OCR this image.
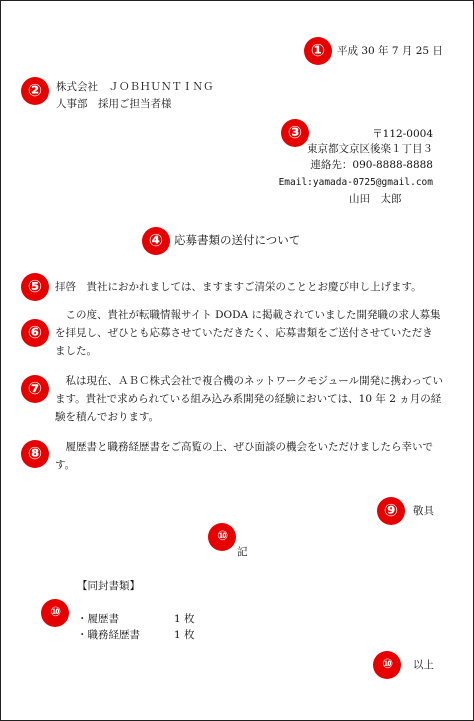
①	平成 30 年 7 月 25 日
②	株式会社　ＪＯＢＨＵＮＴＩＮＧ
人事部　採用ご担当者様
③	〒112-0004
東京都文京区後楽１丁目３
連絡先：090-8888-8888
Email:yamada-0725@gmail.com
山田　太郎
④ 応募書類の送付について
⑤	拝啓　貴社におかれましては、ますますご清栄のこととお慶び申し上げます。
⑥
　この度、貴社が転職情報サイト DODA に掲載されていました開発職の求人募集を拝見し、ぜひとも応募させていただきたく、応募書類をご送付させていただきました。
⑦	　私は現在、ＡＢＣ株式会社で複合機のネットワークモジュール開発に携わっています。貴社で求められている組み込み系開発の経験においては、10 年 2 ヵ月の経験を積んでおります。
⑧	　履歴書と職務経歴書をご高覧の上、ぜひ面談の機会をいただけましたら幸いです。
⑨	敬具
⑩
記
【同封書類】
⑩	・履歴書	1 枚
・職務経歴書	1 枚
⑩	以上
